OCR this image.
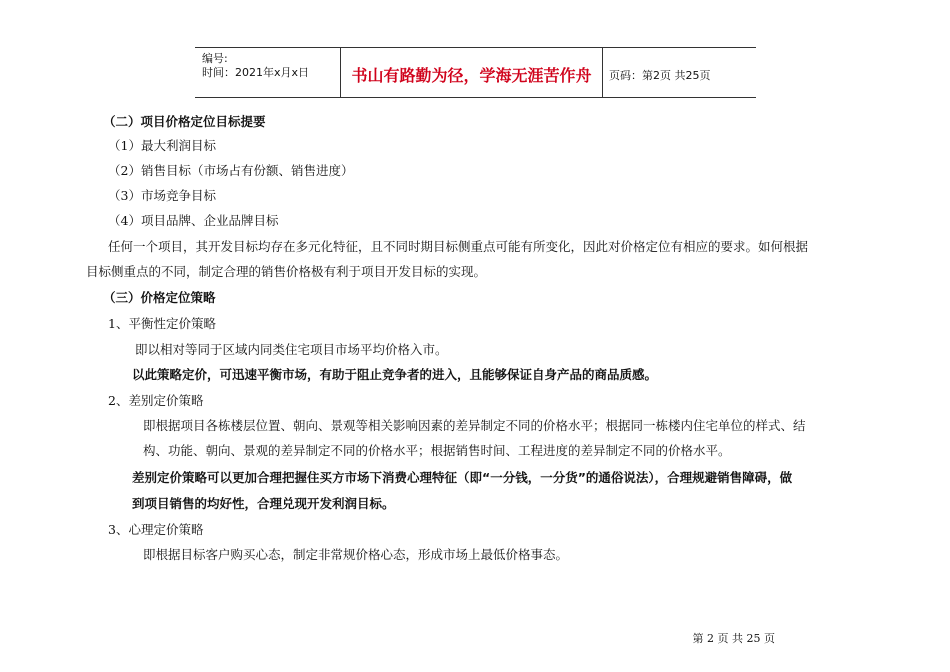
编号:
时间：2021年x月x日	书山有路勤为径，学海无涯苦作舟	页码：第2页 共25页
（二）项目价格定位目标提要
（1）最大利润目标
（2）销售目标（市场占有份额、销售进度）
（3）市场竞争目标
（4）项目品牌、企业品牌目标
任何一个项目，其开发目标均存在多元化特征，且不同时期目标侧重点可能有所变化，因此对价格定位有相应的要求。如何根据
目标侧重点的不同，制定合理的销售价格极有利于项目开发目标的实现。
（三）价格定位策略
1、平衡性定价策略
即以相对等同于区域内同类住宅项目市场平均价格入市。
以此策略定价，可迅速平衡市场，有助于阻止竞争者的进入，且能够保证自身产品的商品质感。
2、差别定价策略
即根据项目各栋楼层位置、朝向、景观等相关影响因素的差异制定不同的价格水平；根据同一栋楼内住宅单位的样式、结
构、功能、朝向、景观的差异制定不同的价格水平；根据销售时间、工程进度的差异制定不同的价格水平。
差别定价策略可以更加合理把握住买方市场下消费心理特征（即“一分钱，一分货”的通俗说法），合理规避销售障碍，做
到项目销售的均好性，合理兑现开发利润目标。
3、心理定价策略
即根据目标客户购买心态，制定非常规价格心态，形成市场上最低价格事态。
第 2 页 共 25 页
